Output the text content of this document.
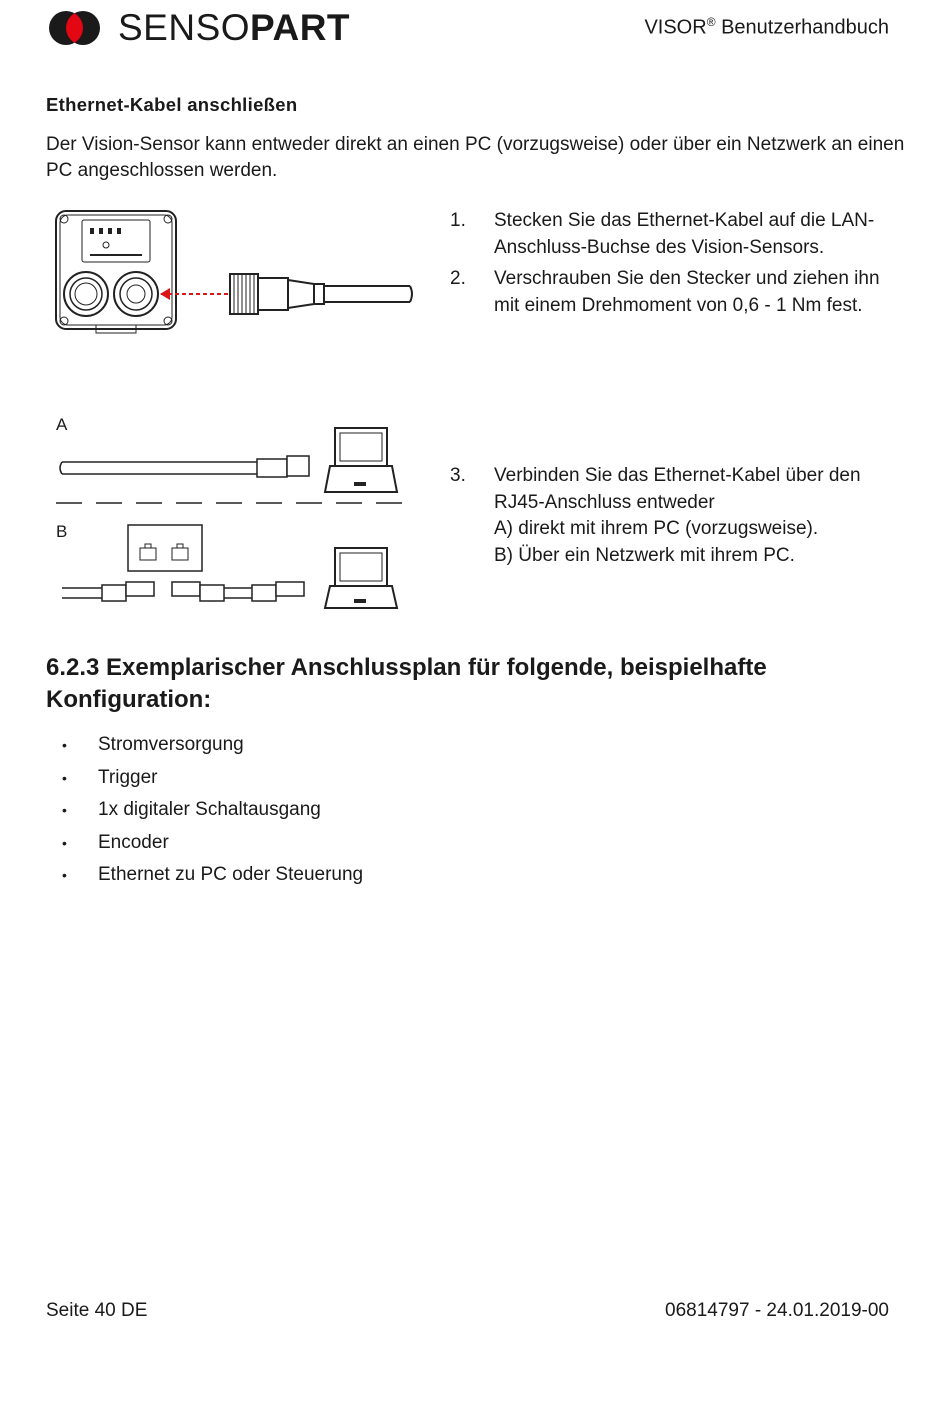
SENSOPART	VISOR® Benutzerhandbuch
Ethernet-Kabel anschließen
Der Vision-Sensor kann entweder direkt an einen PC (vorzugsweise) oder über ein Netzwerk an einen PC angeschlossen werden.
1. Stecken Sie das Ethernet-Kabel auf die LAN-Anschluss-Buchse des Vision-Sensors.
2. Verschrauben Sie den Stecker und ziehen ihn mit einem Drehmoment von 0,6 - 1 Nm fest.
A
B
3. Verbinden Sie das Ethernet-Kabel über den RJ45-Anschluss entweder
A) direkt mit ihrem PC (vorzugsweise).
B) Über ein Netzwerk mit ihrem PC.
6.2.3 Exemplarischer Anschlussplan für folgende, beispielhafte Konfiguration:
• Stromversorgung
• Trigger
• 1x digitaler Schaltausgang
• Encoder
• Ethernet zu PC oder Steuerung
Seite 40 DE	06814797 - 24.01.2019-00
